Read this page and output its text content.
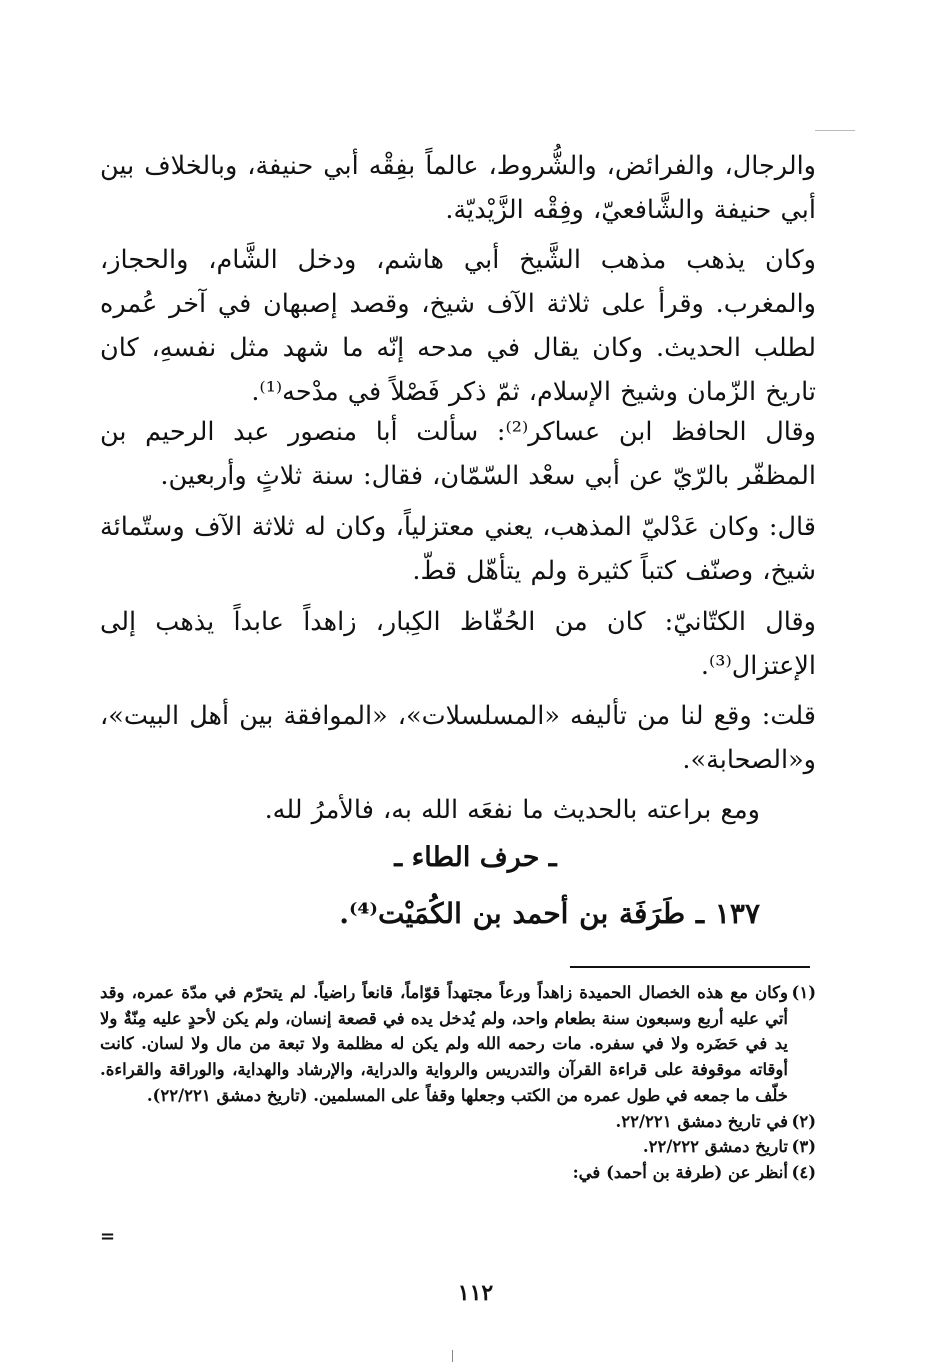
والرجال، والفرائض، والشُّروط، عالماً بفِقْه أبي حنيفة، وبالخلاف بين أبي حنيفة والشَّافعيّ، وفِقْه الزَّيْديّة.
وكان يذهب مذهب الشَّيخ أبي هاشم، ودخل الشَّام، والحجاز، والمغرب. وقرأ على ثلاثة الآف شيخ، وقصد إصبهان في آخر عُمره لطلب الحديث. وكان يقال في مدحه إنّه ما شهد مثل نفسهِ، كان تاريخ الزّمان وشيخ الإسلام، ثمّ ذكر فَصْلاً في مدْحه⁽¹⁾.
وقال الحافظ ابن عساكر⁽²⁾: سألت أبا منصور عبد الرحيم بن المظفّر بالرّيّ عن أبي سعْد السّمّان، فقال: سنة ثلاثٍ وأربعين.
قال: وكان عَدْليّ المذهب، يعني معتزلياً، وكان له ثلاثة الآف وستّمائة شيخ، وصنّف كتباً كثيرة ولم يتأهّل قطّ.
وقال الكتّانيّ: كان من الحُفّاظ الكِبار، زاهداً عابداً يذهب إلى الإعتزال⁽³⁾.
قلت: وقع لنا من تأليفه «المسلسلات»، «الموافقة بين أهل البيت»، و«الصحابة».
ومع براعته بالحديث ما نفعَه الله به، فالأمرُ لله.
ـ حرف الطاء ـ
١٣٧ ـ طَرَفَة بن أحمد بن الكُمَيْت⁽⁴⁾.
(١)
وكان مع هذه الخصال الحميدة زاهداً ورعاً مجتهداً قوّاماً، قانعاً راضياً. لم يتحرّم في مدّة عمره، وقد أتي عليه أربع وسبعون سنة بطعام واحد، ولم يُدخل يده في قصعة إنسان، ولم يكن لأحدٍ عليه مِنّةٌ ولا يد في حَضَره ولا في سفره. مات رحمه الله ولم يكن له مظلمة ولا تبعة من مال ولا لسان. كانت أوقاته موقوفة على قراءة القرآن والتدريس والرواية والدراية، والإرشاد والهداية، والوراقة والقراءة. خلّف ما جمعه في طول عمره من الكتب وجعلها وقفاً على المسلمين. (تاريخ دمشق ٢٢/٢٢١).
(٢)
في تاريخ دمشق ٢٢/٢٢١.
(٣)
تاريخ دمشق ٢٢/٢٢٢.
(٤)
أنظر عن (طرفة بن أحمد) في:
=
١١٢
